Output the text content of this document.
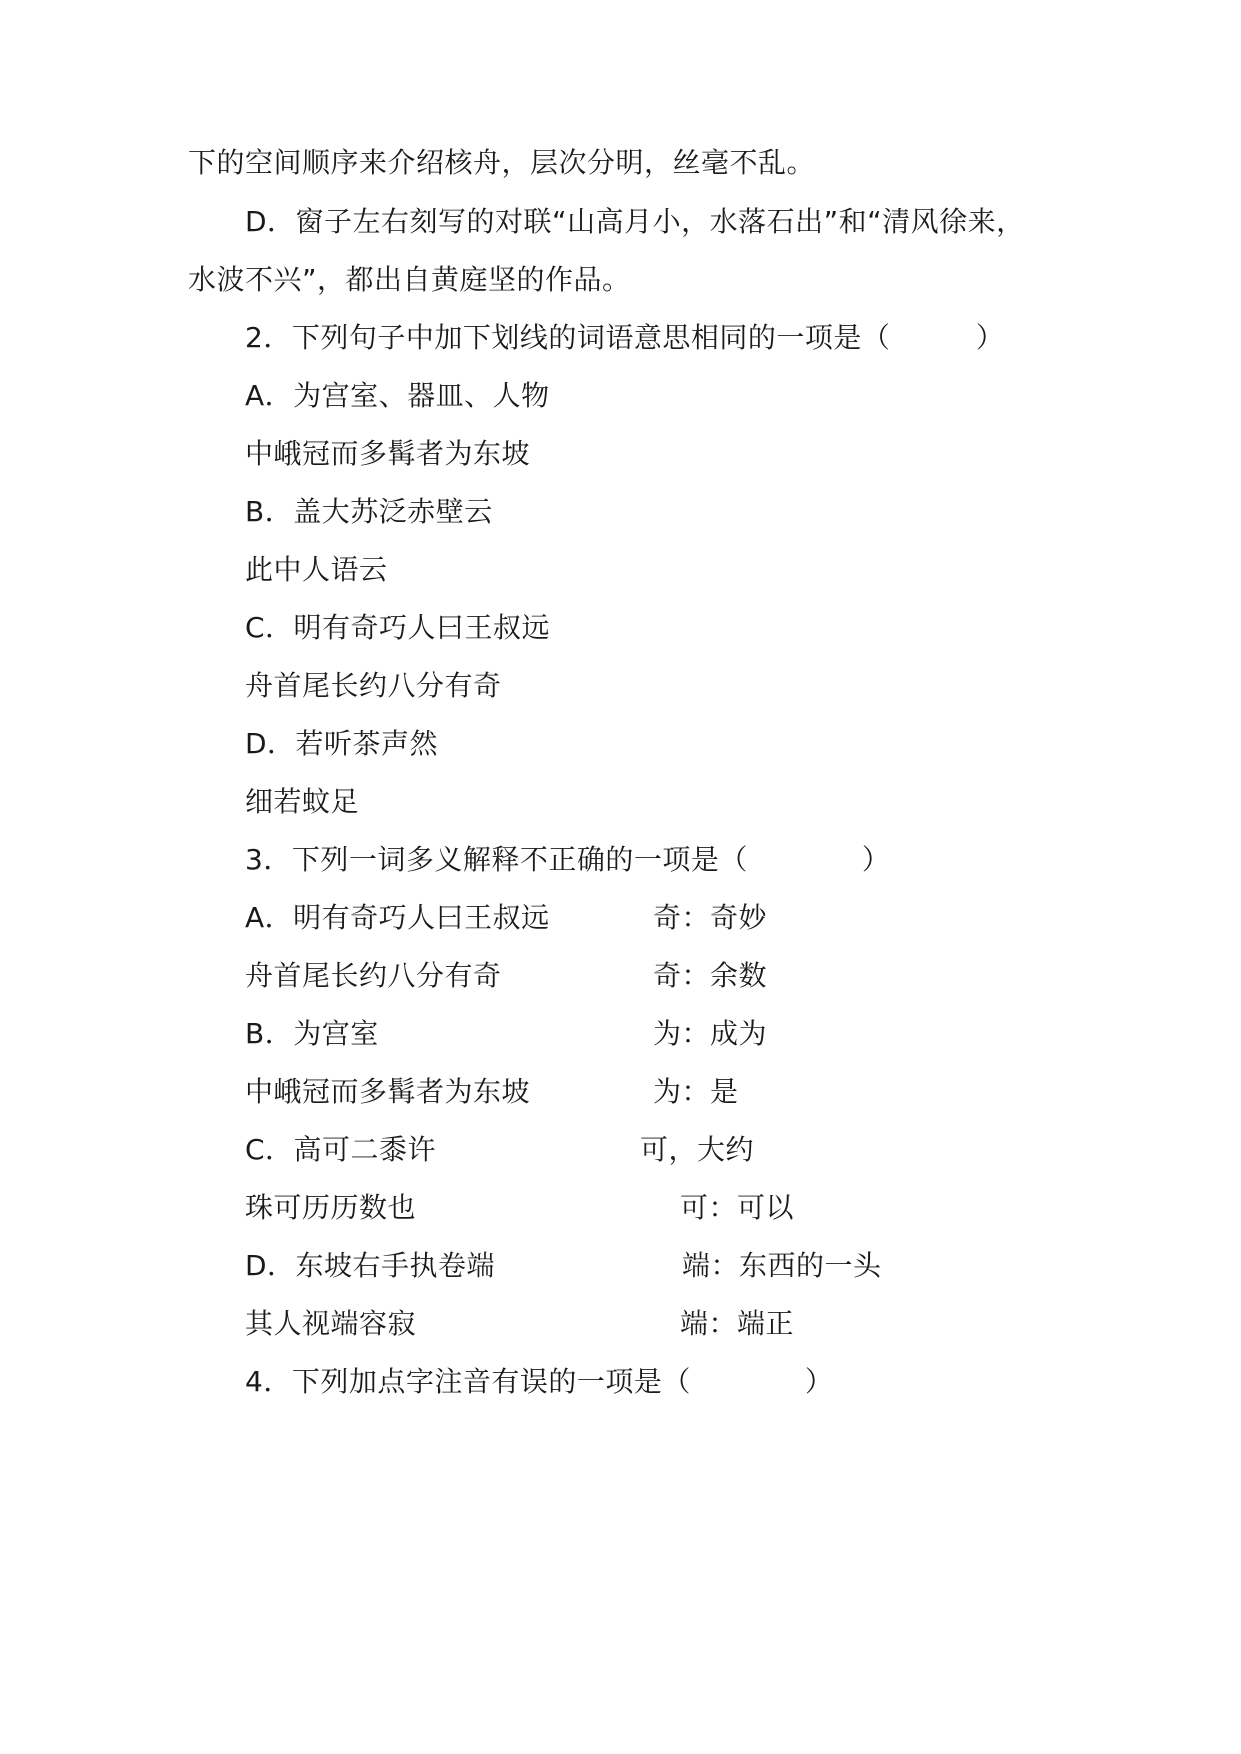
下的空间顺序来介绍核舟，层次分明，丝毫不乱。
D．窗子左右刻写的对联“山高月小，水落石出”和“清风徐来，
水波不兴”，都出自黄庭坚的作品。
2．下列句子中加下划线的词语意思相同的一项是（　　　）
A．为宫室、器皿、人物
中峨冠而多髯者为东坡
B．盖大苏泛赤壁云
此中人语云
C．明有奇巧人曰王叔远
舟首尾长约八分有奇
D．若听茶声然
细若蚊足
3．下列一词多义解释不正确的一项是（　　　　）
A．明有奇巧人曰王叔远	奇：奇妙
舟首尾长约八分有奇	奇：余数
B．为宫室	为：成为
中峨冠而多髯者为东坡	为：是
C．高可二黍许	可，大约
珠可历历数也	可：可以
D．东坡右手执卷端	端：东西的一头
其人视端容寂	端：端正
4．下列加点字注音有误的一项是（　　　　）
